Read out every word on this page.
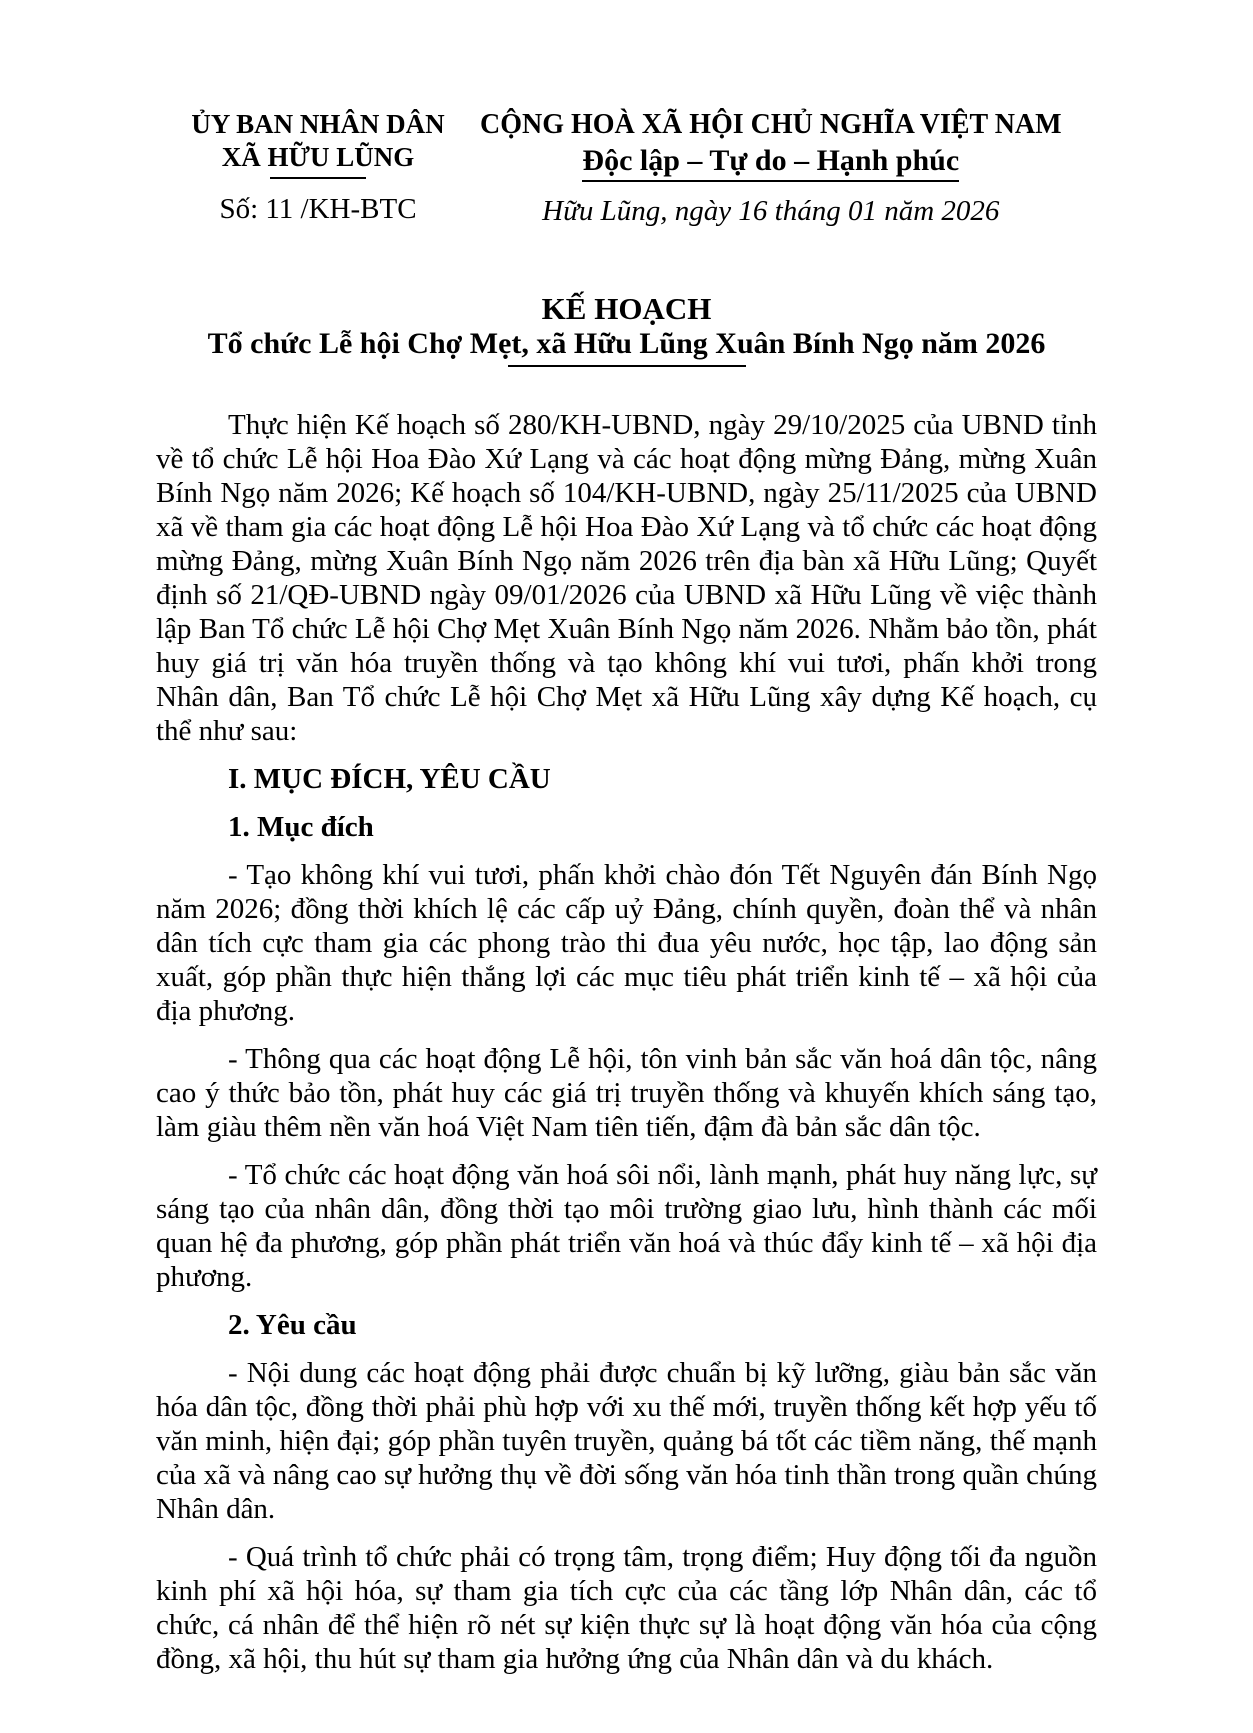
ỦY BAN NHÂN DÂN
XÃ HỮU LŨNG
Số: 11 /KH-BTC
CỘNG HOÀ XÃ HỘI CHỦ NGHĨA VIỆT NAM
Độc lập – Tự do – Hạnh phúc
Hữu Lũng, ngày 16 tháng 01 năm 2026
KẾ HOẠCH
Tổ chức Lễ hội Chợ Mẹt, xã Hữu Lũng Xuân Bính Ngọ năm 2026

Thực hiện Kế hoạch số 280/KH-UBND, ngày 29/10/2025 của UBND tỉnh về tổ chức Lễ hội Hoa Đào Xứ Lạng và các hoạt động mừng Đảng, mừng Xuân Bính Ngọ năm 2026; Kế hoạch số 104/KH-UBND, ngày 25/11/2025 của UBND xã về tham gia các hoạt động Lễ hội Hoa Đào Xứ Lạng và tổ chức các hoạt động mừng Đảng, mừng Xuân Bính Ngọ năm 2026 trên địa bàn xã Hữu Lũng; Quyết định số 21/QĐ-UBND ngày 09/01/2026 của UBND xã Hữu Lũng về việc thành lập Ban Tổ chức Lễ hội Chợ Mẹt Xuân Bính Ngọ năm 2026. Nhằm bảo tồn, phát huy giá trị văn hóa truyền thống và tạo không khí vui tươi, phấn khởi trong Nhân dân, Ban Tổ chức Lễ hội Chợ Mẹt xã Hữu Lũng xây dựng Kế hoạch, cụ thể như sau:

I. MỤC ĐÍCH, YÊU CẦU

1. Mục đích

- Tạo không khí vui tươi, phấn khởi chào đón Tết Nguyên đán Bính Ngọ năm 2026; đồng thời khích lệ các cấp uỷ Đảng, chính quyền, đoàn thể và nhân dân tích cực tham gia các phong trào thi đua yêu nước, học tập, lao động sản xuất, góp phần thực hiện thắng lợi các mục tiêu phát triển kinh tế – xã hội của địa phương.

- Thông qua các hoạt động Lễ hội, tôn vinh bản sắc văn hoá dân tộc, nâng cao ý thức bảo tồn, phát huy các giá trị truyền thống và khuyến khích sáng tạo, làm giàu thêm nền văn hoá Việt Nam tiên tiến, đậm đà bản sắc dân tộc.

- Tổ chức các hoạt động văn hoá sôi nổi, lành mạnh, phát huy năng lực, sự sáng tạo của nhân dân, đồng thời tạo môi trường giao lưu, hình thành các mối quan hệ đa phương, góp phần phát triển văn hoá và thúc đẩy kinh tế – xã hội địa phương.

2. Yêu cầu

- Nội dung các hoạt động phải được chuẩn bị kỹ lưỡng, giàu bản sắc văn hóa dân tộc, đồng thời phải phù hợp với xu thế mới, truyền thống kết hợp yếu tố văn minh, hiện đại; góp phần tuyên truyền, quảng bá tốt các tiềm năng, thế mạnh của xã và nâng cao sự hưởng thụ về đời sống văn hóa tinh thần trong quần chúng Nhân dân.

- Quá trình tổ chức phải có trọng tâm, trọng điểm; Huy động tối đa nguồn kinh phí xã hội hóa, sự tham gia tích cực của các tầng lớp Nhân dân, các tổ chức, cá nhân để thể hiện rõ nét sự kiện thực sự là hoạt động văn hóa của cộng đồng, xã hội, thu hút sự tham gia hưởng ứng của Nhân dân và du khách.
